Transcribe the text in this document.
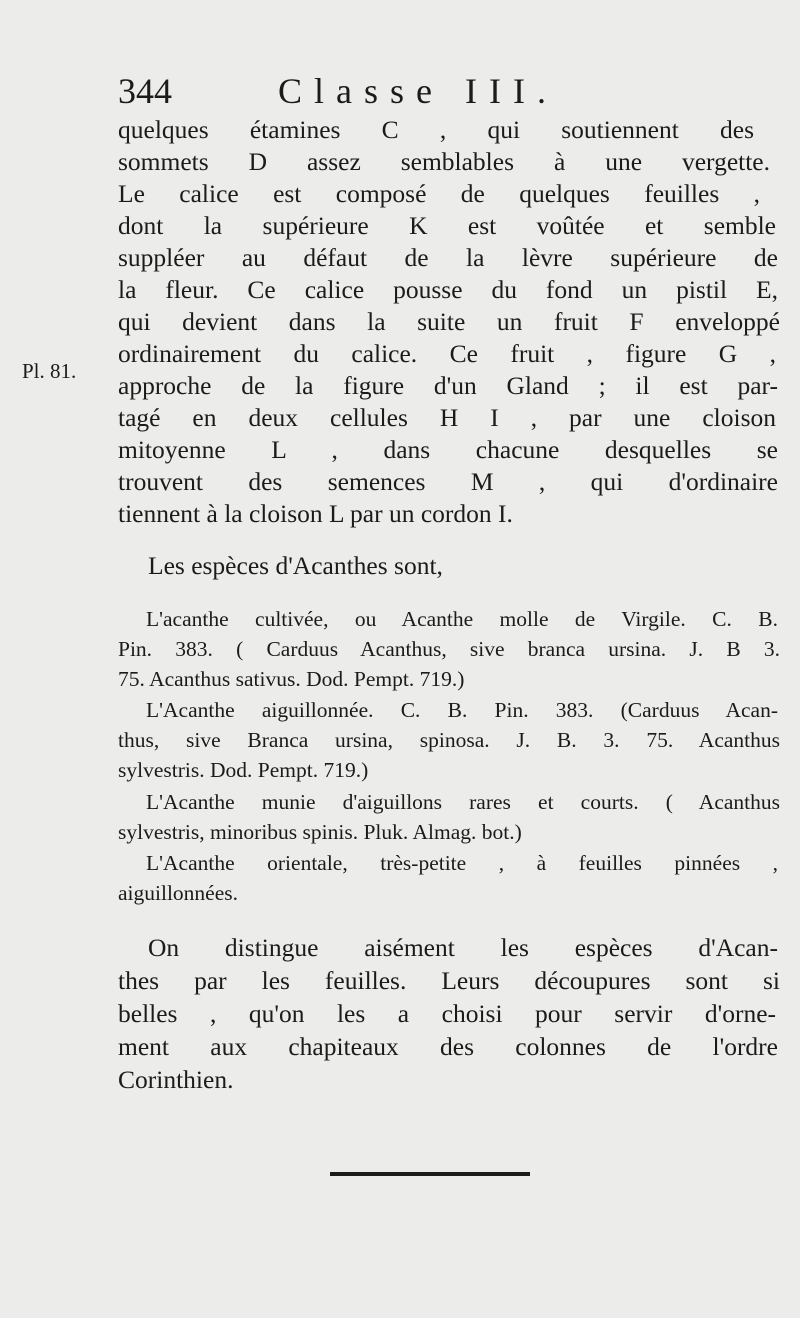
344	Classe III.
Pl. 81.
quelques étamines C , qui soutiennent des
sommets D assez semblables à une vergette.
Le calice est composé de quelques feuilles ,
dont la supérieure K est voûtée et semble
suppléer au défaut de la lèvre supérieure de
la fleur. Ce calice pousse du fond un pistil E,
qui devient dans la suite un fruit F enveloppé
ordinairement du calice. Ce fruit , figure G ,
approche de la figure d'un Gland ; il est par-
tagé en deux cellules H I , par une cloison
mitoyenne L , dans chacune desquelles se
trouvent des semences M , qui d'ordinaire
tiennent à la cloison L par un cordon I.
Les espèces d'Acanthes sont,
L'acanthe cultivée, ou Acanthe molle de Virgile. C. B.
Pin. 383. ( Carduus Acanthus, sive branca ursina. J. B 3.
75. Acanthus sativus. Dod. Pempt. 719.)
L'Acanthe aiguillonnée. C. B. Pin. 383. (Carduus Acan-
thus, sive Branca ursina, spinosa. J. B. 3. 75. Acanthus
sylvestris. Dod. Pempt. 719.)
L'Acanthe munie d'aiguillons rares et courts. ( Acanthus
sylvestris, minoribus spinis. Pluk. Almag. bot.)
L'Acanthe orientale, très-petite , à feuilles pinnées ,
aiguillonnées.
On distingue aisément les espèces d'Acan-
thes par les feuilles. Leurs découpures sont si
belles , qu'on les a choisi pour servir d'orne-
ment aux chapiteaux des colonnes de l'ordre
Corinthien.
